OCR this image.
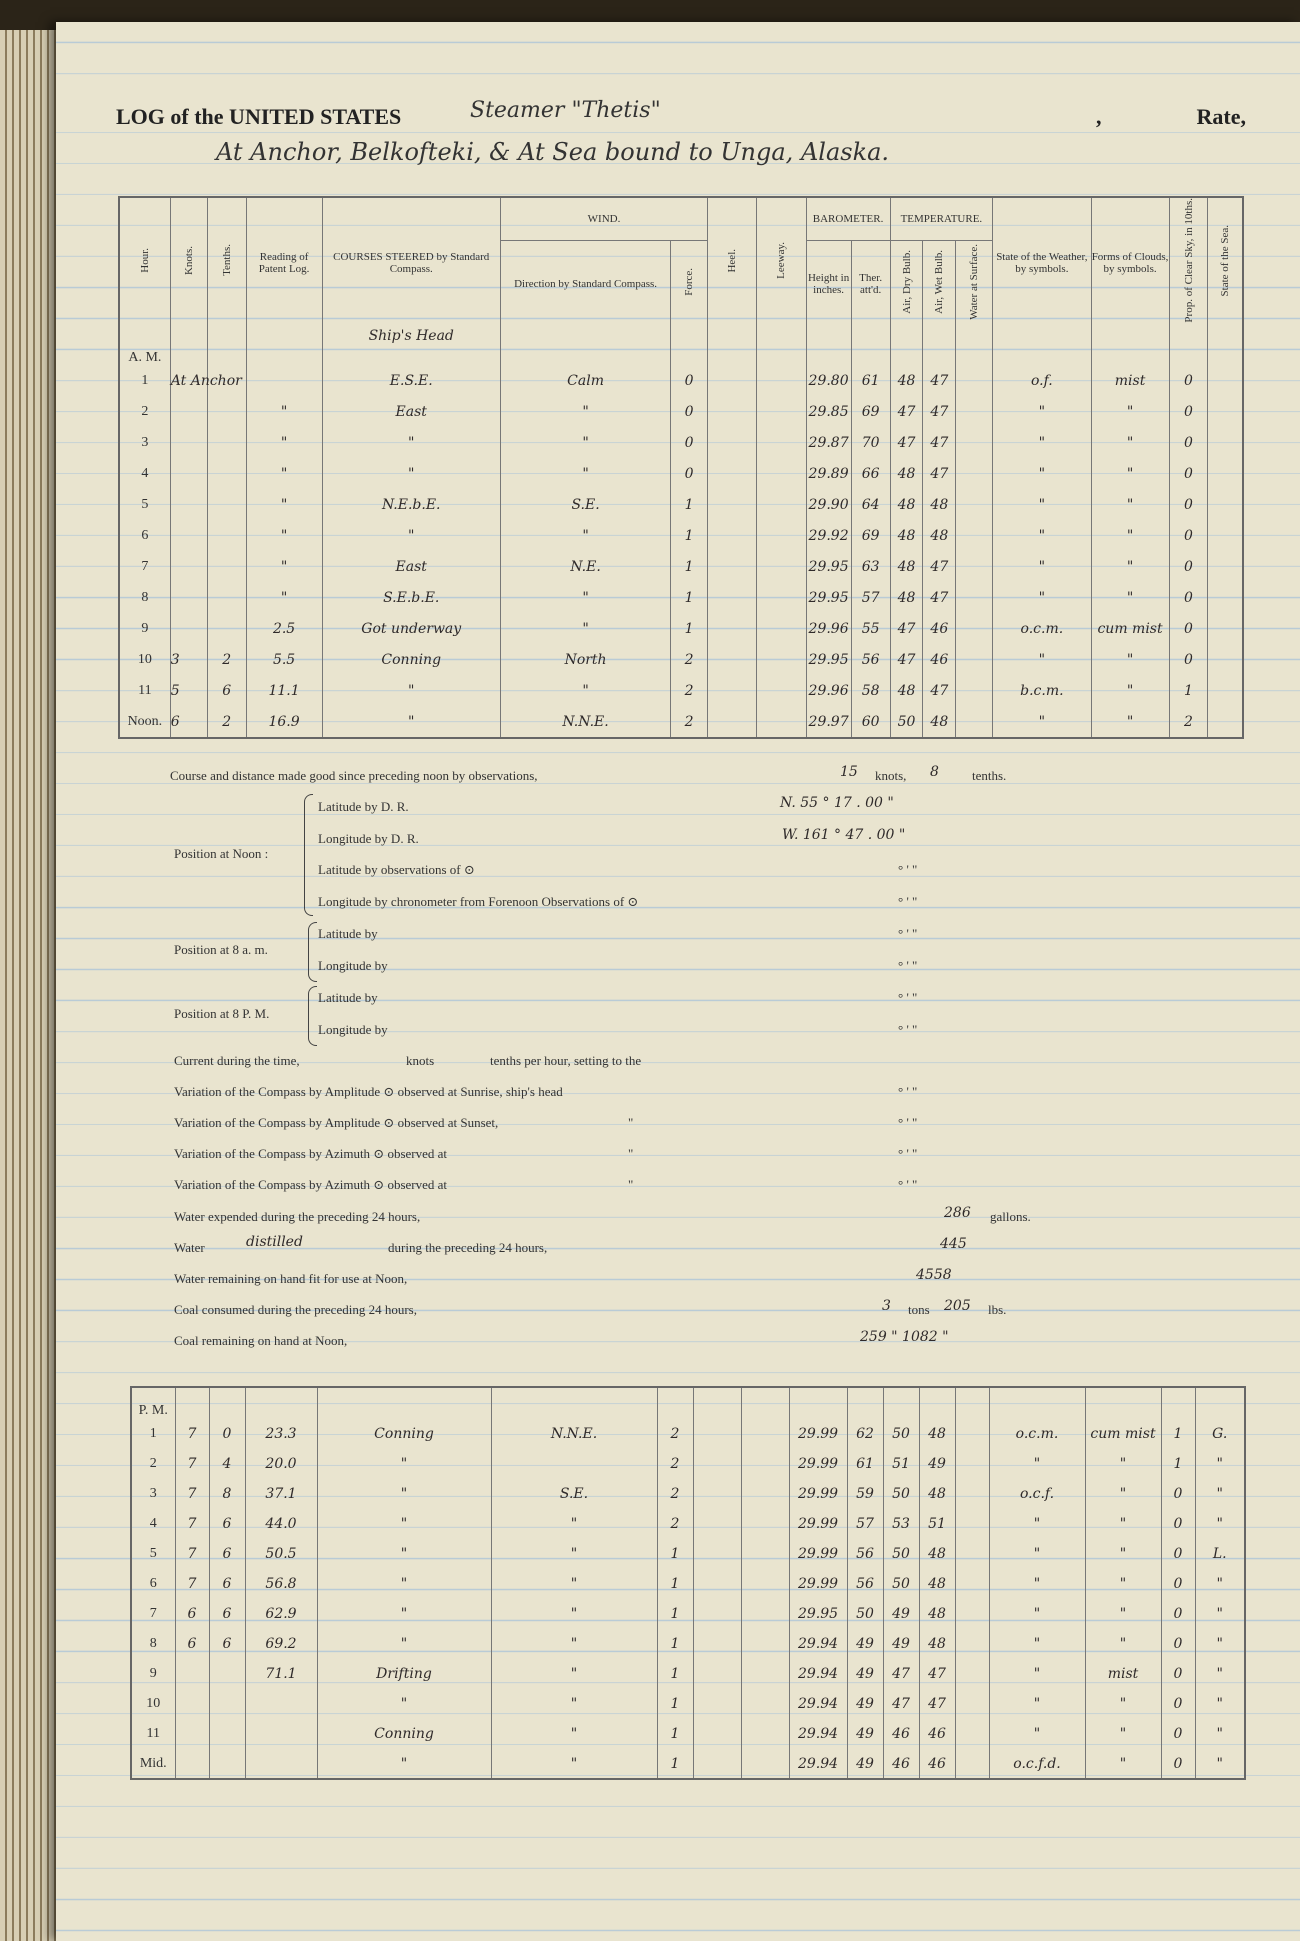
LOG of the UNITED STATES	Steamer "Thetis"	,	Rate,
At Anchor, Belkofteki, & At Sea bound to Unga, Alaska.
Hour.	Knots.	Tenths.	Reading of Patent Log.	COURSES STEERED by Standard Compass.	WIND.		Heel.	Leeway.	BAROMETER.		TEMPERATURE.			State of the Weather, by symbols.	Forms of Clouds, by symbols.	Prop. of Clear Sky, in 10ths.	State of the Sea.
					Direction by Standard Compass.	Force.			Height in inches.	Ther. att'd.	Air, Dry Bulb.	Air, Wet Bulb.	Water at Surface.				
A. M.				Ship's Head													
1	At Anchor			E.S.E.	Calm	0			29.80	61	48	47		o.f.	mist	0	
2			"	East	"	0			29.85	69	47	47		"	"	0	
3			"	"	"	0			29.87	70	47	47		"	"	0	
4			"	"	"	0			29.89	66	48	47		"	"	0	
5			"	N.E.b.E.	S.E.	1			29.90	64	48	48		"	"	0	
6			"	"	"	1			29.92	69	48	48		"	"	0	
7			"	East	N.E.	1			29.95	63	48	47		"	"	0	
8			"	S.E.b.E.	"	1			29.95	57	48	47		"	"	0	
9			2.5	Got underway	"	1			29.96	55	47	46		o.c.m.	cum mist	0	
10	3	2	5.5	Conning	North	2			29.95	56	47	46		"	"	0	
11	5	6	11.1	"	"	2			29.96	58	48	47		b.c.m.	"	1	
Noon.	6	2	16.9	"	N.N.E.	2			29.97	60	50	48		"	"	2	
Course and distance made good since preceding noon by observations,	15 knots, 8	tenths.
Position at Noon :
Latitude by D. R.	N. 55 ° 17 . 00 "
Longitude by D. R.	W. 161 ° 47 . 00 "
Latitude by observations of ⊙	° ' "
Longitude by chronometer from Forenoon Observations of ⊙	° ' "
Position at 8 a. m.
Latitude by	° ' "
Longitude by	° ' "
Position at 8 P. M.
Latitude by	° ' "
Longitude by	° ' "
Current during the time,	knots	tenths per hour, setting to the
Variation of the Compass by Amplitude ⊙ observed at Sunrise, ship's head	° ' "
Variation of the Compass by Amplitude ⊙ observed at Sunset,	"	° ' "
Variation of the Compass by Azimuth ⊙ observed at	"	° ' "
Variation of the Compass by Azimuth ⊙ observed at	"	° ' "
Water expended during the preceding 24 hours,	286 gallons.
Water	distilled	during the preceding 24 hours,	445
Water remaining on hand fit for use at Noon,	4558
Coal consumed during the preceding 24 hours,	3 tons 205 lbs.
Coal remaining on hand at Noon,	259 " 1082 "
P. M.																	
1	7	0	23.3	Conning	N.N.E.	2			29.99	62	50	48		o.c.m.	cum mist	1	G.
2	7	4	20.0	"		2			29.99	61	51	49		"	"	1	"
3	7	8	37.1	"	S.E.	2			29.99	59	50	48		o.c.f.	"	0	"
4	7	6	44.0	"	"	2			29.99	57	53	51		"	"	0	"
5	7	6	50.5	"	"	1			29.99	56	50	48		"	"	0	L.
6	7	6	56.8	"	"	1			29.99	56	50	48		"	"	0	"
7	6	6	62.9	"	"	1			29.95	50	49	48		"	"	0	"
8	6	6	69.2	"	"	1			29.94	49	49	48		"	"	0	"
9			71.1	Drifting	"	1			29.94	49	47	47		"	mist	0	"
10				"	"	1			29.94	49	47	47		"	"	0	"
11				Conning	"	1			29.94	49	46	46		"	"	0	"
Mid.				"	"	1			29.94	49	46	46		o.c.f.d.	"	0	"
